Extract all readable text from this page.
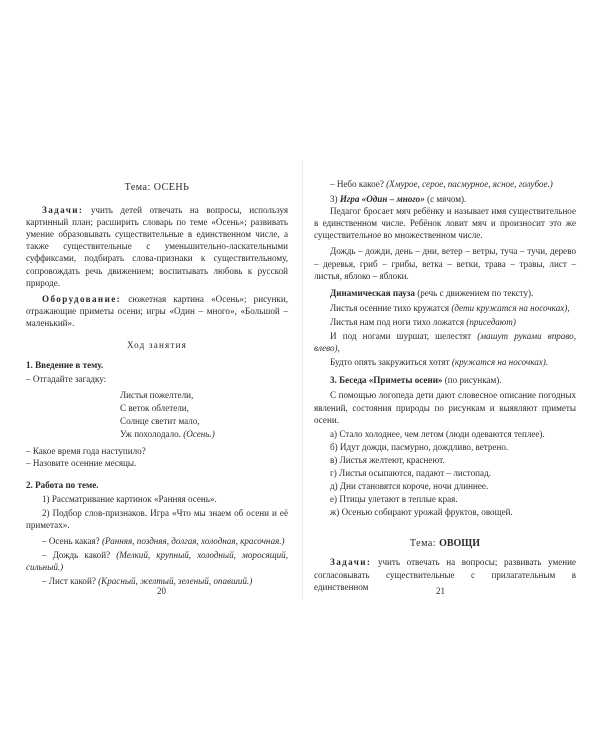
Тема: ОСЕНЬ

Задачи: учить детей отвечать на вопросы, используя картинный план; расширить словарь по теме «Осень»; развивать умение образовывать существительные в единственном числе, а также существительные с уменьшительно-ласкательными суффиксами, подбирать слова-признаки к существительному, сопровождать речь движением; воспитывать любовь к русской природе.

Оборудование: сюжетная картина «Осень»; рисунки, отражающие приметы осени; игры «Один – много», «Большой – маленький».

Ход занятия

1. Введение в тему.

– Отгадайте загадку:

Листья пожелтели,
С веток облетели,
Солнце светит мало,
Уж похолодало. (Осень.)

– Какое время года наступило?

– Назовите осенние месяцы.

2. Работа по теме.

1) Рассматривание картинок «Ранняя осень».

2) Подбор слов-признаков. Игра «Что мы знаем об осени и её приметах».

– Осень какая? (Ранняя, поздняя, долгая, холодная, красочная.)

– Дождь какой? (Мелкий, крупный, холодный, моросящий, сильный.)

– Лист какой? (Красный, желтый, зеленый, опавший.)

20

– Небо какое? (Хмурое, серое, пасмурное, ясное, голубое.)

3) Игра «Один – много» (с мячом).

Педагог бросает мяч ребёнку и называет имя существительное в единственном числе. Ребёнок ловит мяч и произносит это же существительное во множественном числе.

Дождь – дожди, день – дни, ветер – ветры, туча – тучи, дерево – деревья, гриб – грибы, ветка – ветки, трава – травы, лист – листья, яблоко – яблоки.

Динамическая пауза (речь с движением по тексту).

Листья осенние тихо кружатся (дети кружатся на носочках),

Листья нам под ноги тихо ложатся (приседают)

И под ногами шуршат, шелестят (машут руками вправо, влево),

Будто опять закружиться хотят (кружатся на носочках).

3. Беседа «Приметы осени» (по рисункам).

С помощью логопеда дети дают словесное описание погодных явлений, состояния природы по рисункам и выявляют приметы осени.

а) Стало холоднее, чем летом (люди одеваются теплее).

б) Идут дожди, пасмурно, дождливо, ветрено.

в) Листья желтеют, краснеют.

г) Листья осыпаются, падают – листопад.

д) Дни становятся короче, ночи длиннее.

е) Птицы улетают в теплые края.

ж) Осенью собирают урожай фруктов, овощей.

Тема: ОВОЩИ

Задачи: учить отвечать на вопросы; развивать умение согласовывать существительные с прилагательным в единственном	21
